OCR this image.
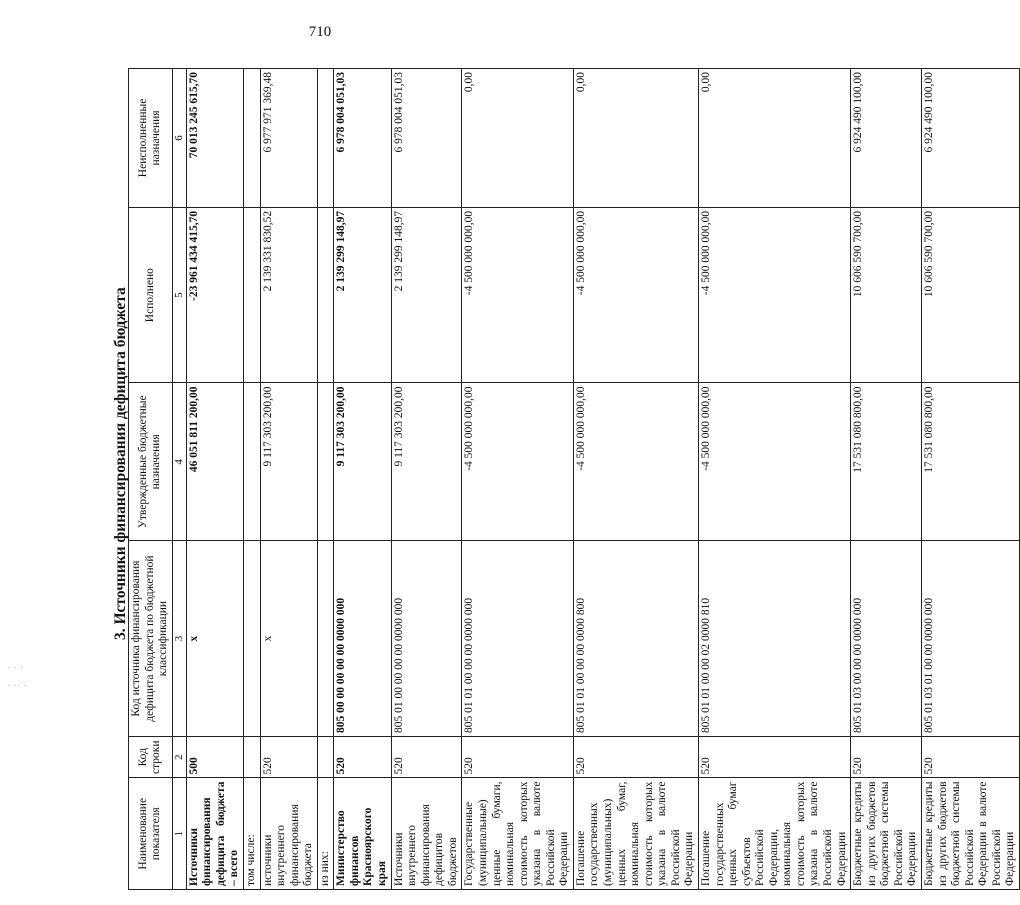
710
· · ·
· ·· ·
3. Источники финансирования дефицита бюджета
Наименование показателя	Код строки	Код источника финансирования дефицита бюджета по бюджетной классификации	Утвержденные бюджетные назначения	Исполнено	Неисполненные назначения
1	2	3	4	5	6
Источники финансирования дефицита бюджета – всего	500	x	46 051 811 200,00	-23 961 434 415,70	70 013 245 615,70
том числе:					
источники внутреннего финансирования бюджета	520	x	9 117 303 200,00	2 139 331 830,52	6 977 971 369,48
из них:					
Министерство финансов Красноярского края	520	805 00 00 00 00 00 0000 000	9 117 303 200,00	2 139 299 148,97	6 978 004 051,03
Источники внутреннего финансирования дефицитов бюджетов	520	805 01 00 00 00 00 0000 000	9 117 303 200,00	2 139 299 148,97	6 978 004 051,03
Государственные (муниципальные) ценные бумаги, номинальная стоимость которых указана в валюте Российской Федерации	520	805 01 01 00 00 00 0000 000	-4 500 000 000,00	-4 500 000 000,00	0,00
Погашение государственных (муниципальных) ценных бумаг, номинальная стоимость которых указана в валюте Российской Федерации	520	805 01 01 00 00 00 0000 800	-4 500 000 000,00	-4 500 000 000,00	0,00
Погашение государственных ценных бумаг субъектов Российской Федерации, номинальная стоимость которых указана в валюте Российской Федерации	520	805 01 01 00 00 02 0000 810	-4 500 000 000,00	-4 500 000 000,00	0,00
Бюджетные кредиты из других бюджетов бюджетной системы Российской Федерации	520	805 01 03 00 00 00 0000 000	17 531 080 800,00	10 606 590 700,00	6 924 490 100,00
Бюджетные кредиты из других бюджетов бюджетной системы Российской Федерации в валюте Российской Федерации	520	805 01 03 01 00 00 0000 000	17 531 080 800,00	10 606 590 700,00	6 924 490 100,00
